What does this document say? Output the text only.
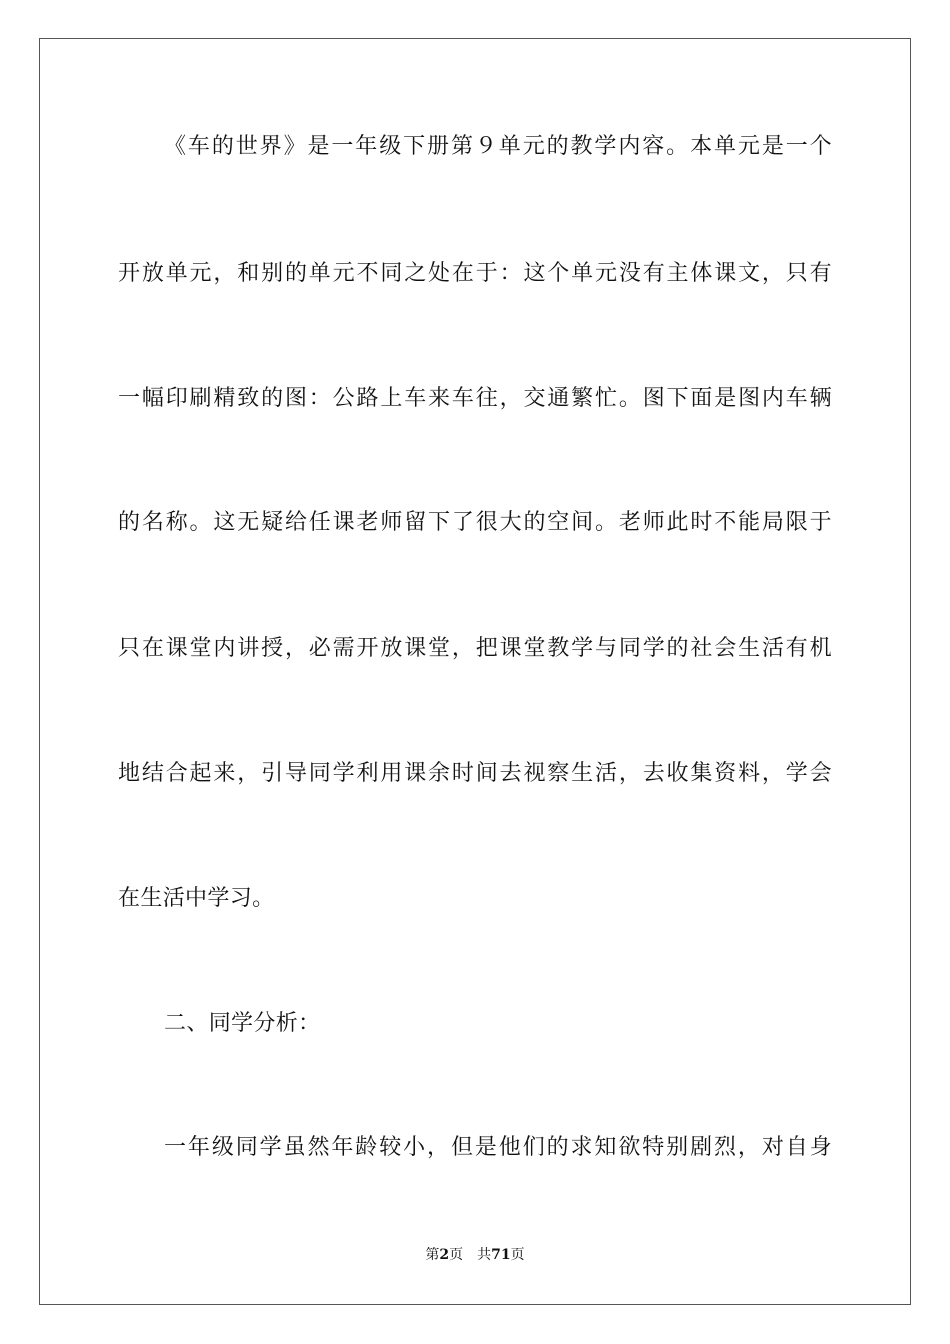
《车的世界》是一年级下册第９单元的教学内容。本单元是一个
开放单元，和别的单元不同之处在于：这个单元没有主体课文，只有
一幅印刷精致的图：公路上车来车往，交通繁忙。图下面是图内车辆
的名称。这无疑给任课老师留下了很大的空间。老师此时不能局限于
只在课堂内讲授，必需开放课堂，把课堂教学与同学的社会生活有机
地结合起来，引导同学利用课余时间去视察生活，去收集资料，学会
在生活中学习。
二、同学分析：
一年级同学虽然年龄较小，但是他们的求知欲特别剧烈，对自身
第2页 共71页
